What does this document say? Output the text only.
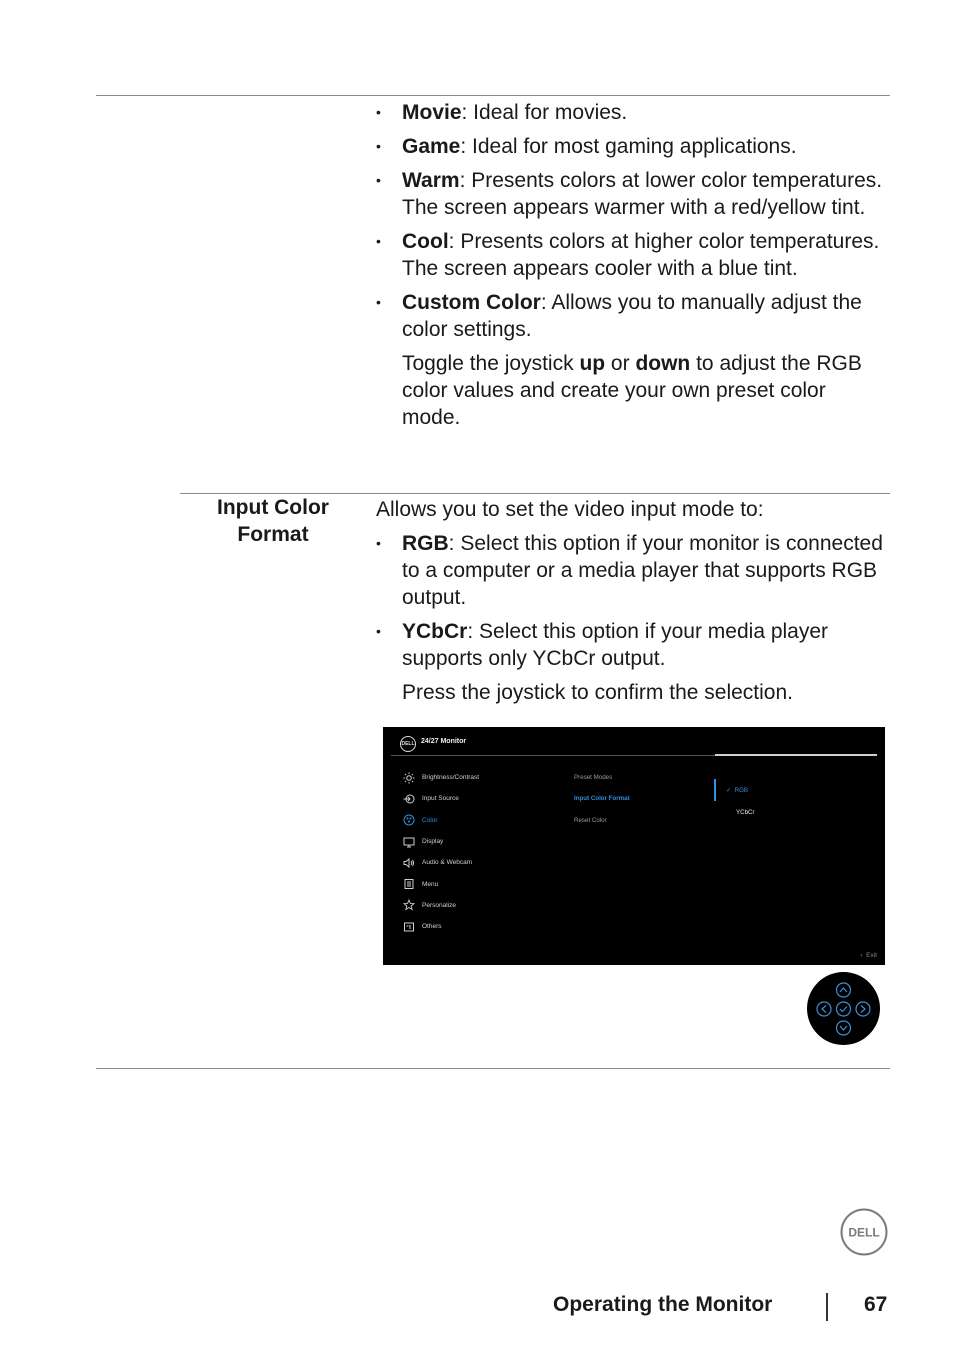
•	Movie: Ideal for movies.
•	Game: Ideal for most gaming applications.
•	Warm: Presents colors at lower color temperatures. The screen appears warmer with a red/yellow tint.
•	Cool: Presents colors at higher color temperatures. The screen appears cooler with a blue tint.
•	Custom Color: Allows you to manually adjust the color settings.
Toggle the joystick up or down to adjust the RGB color values and create your own preset color mode.
Input Color Format
Allows you to set the video input mode to:
•	RGB: Select this option if your monitor is connected to a computer or a media player that supports RGB output.
•	YCbCr: Select this option if your media player supports only YCbCr output.
Press the joystick to confirm the selection.
DELL 24/27 Monitor
Brightness/Contrast
Input Source
Color
Display
Audio & Webcam
Menu
Personalize
Others
Preset Modes
Input Color Format
Reset Color
✓ RGB
YCbCr
‹ Exit
DELL
Operating the Monitor	67
